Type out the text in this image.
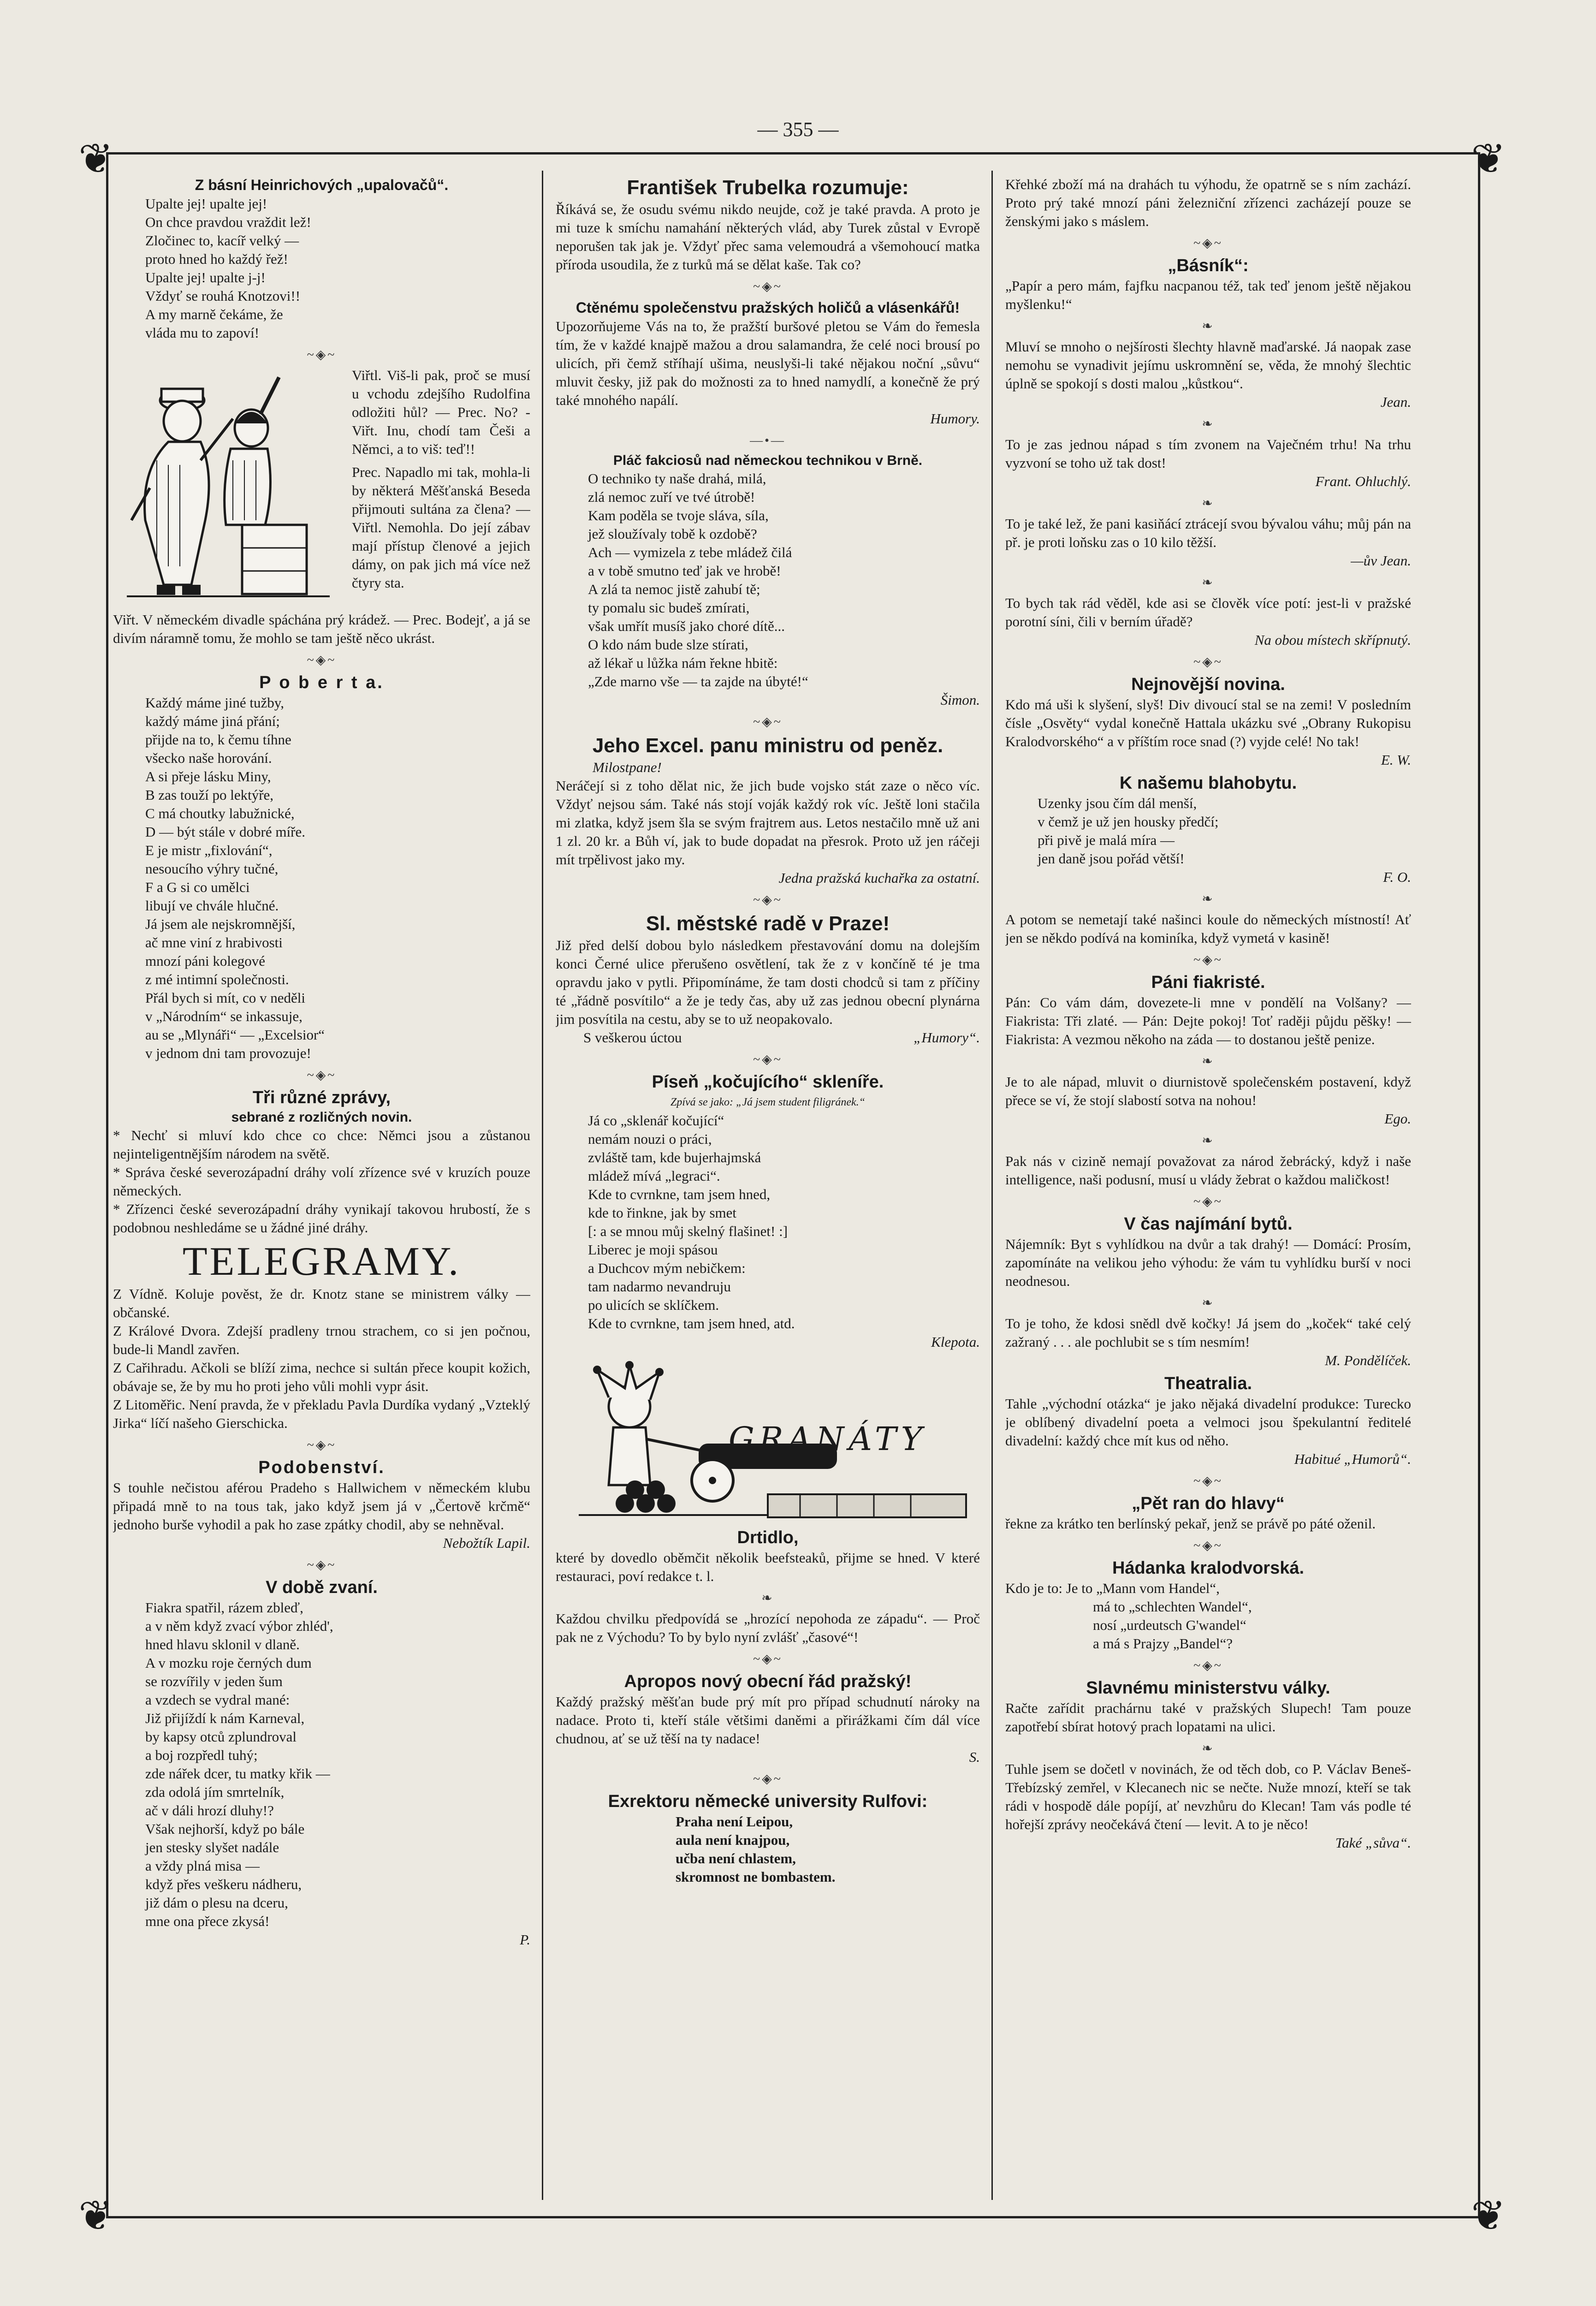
— 355 —
❦	❦
❦	❦

Z básní Heinrichových „upalovačů“.

Upalte jej! upalte jej!

On chce pravdou vraždit lež!

Zločinec to, kacíř velký —

proto hned ho každý řež!

Upalte jej! upalte j-j!

Vždyť se rouhá Knotzovi!!

A my marně čekáme, že

vláda mu to zapoví!

~◈~

Viřtl. Viš-li pak, proč se musí u vchodu zdejšího Rudolfina odložiti hůl? — Prec. No? - Viřt. Inu, chodí tam Češi a Němci, a to viš: teď!!

Prec. Napadlo mi tak, mohla-li by některá Měšťanská Beseda přijmouti sultána za člena? — Viřtl. Nemohla. Do její zábav mají přístup členové a jejich dámy, on pak jich má více než čtyry sta.

Viřt. V německém divadle spáchána prý krádež. — Prec. Bodejť, a já se divím náramně tomu, že mohlo se tam ještě něco ukrást.

~◈~

P o b e r t a.

Každý máme jiné tužby,

každý máme jiná přání;

přijde na to, k čemu tíhne

všecko naše horování.

A si přeje lásku Miny,

B zas touží po lektýře,

C má choutky labužnické,

D — být stále v dobré míře.

E je mistr „fixlování“,

nesoucího výhry tučné,

F a G si co umělci

libují ve chvále hlučné.

Já jsem ale nejskromnější,

ač mne viní z hrabivosti

mnozí páni kolegové

z mé intimní společnosti.

Přál bych si mít, co v neděli

v „Národním“ se inkassuje,

au se „Mlynáři“ — „Excelsior“

v jednom dni tam provozuje!

~◈~

Tři různé zprávy,

sebrané z rozličných novin.

* Nechť si mluví kdo chce co chce: Němci jsou a zůstanou nejinteligentnějším národem na světě.

* Správa české severozápadní dráhy volí zřízence své v kruzích pouze německých.

* Zřízenci české severozápadní dráhy vynikají takovou hrubostí, že s podobnou neshledáme se u žádné jiné dráhy.

TELEGRAMY.

Z Vídně. Koluje pověst, že dr. Knotz stane se ministrem války — občanské.

Z Králové Dvora. Zdejší pradleny trnou strachem, co si jen počnou, bude-li Mandl zavřen.

Z Cařihradu. Ačkoli se blíží zima, nechce si sultán přece koupit kožich, obávaje se, že by mu ho proti jeho vůli mohli vypr ásit.

Z Litoměřic. Není pravda, že v překladu Pavla Durdíka vydaný „Vzteklý Jirka“ líčí našeho Gierschicka.

~◈~

Podobenství.

S touhle nečistou aférou Pradeho s Hallwichem v německém klubu připadá mně to na tous tak, jako když jsem já v „Čertově krčmě“ jednoho burše vyhodil a pak ho zase zpátky chodil, aby se nehněval.

Nebožtík Lapil.

~◈~

V době zvaní.

Fiakra spatřil, rázem zbleď,

a v něm když zvací výbor zhléd',

hned hlavu sklonil v dlaně.

A v mozku roje černých dum

se rozvířily v jeden šum

a vzdech se vydral mané:

Již přijíždí k nám Karneval,

by kapsy otců zplundroval

a boj rozpředl tuhý;

zde nářek dcer, tu matky křik —

zda odolá jím smrtelník,

ač v dáli hrozí dluhy!?

Však nejhorší, když po bále

jen stesky slyšet nadále

a vždy plná misa —

když přes veškeru nádheru,

již dám o plesu na dceru,

mne ona přece zkysá!

P.

František Trubelka rozumuje:

Říkává se, že osudu svému nikdo neujde, což je také pravda. A proto je mi tuze k smíchu namahání některých vlád, aby Turek zůstal v Evropě neporušen tak jak je. Vždyť přec sama velemoudrá a všemohoucí matka příroda usoudila, že z turků má se dělat kaše. Tak co?

~◈~

Ctěnému společenstvu pražských holičů a vlásenkářů!

Upozorňujeme Vás na to, že pražští buršové pletou se Vám do řemesla tím, že v každé knajpě mažou a drou salamandra, že celé noci brousí po ulicích, při čemž stříhají ušima, neuslyši-li také nějakou noční „sůvu“ mluvit česky, již pak do možnosti za to hned namydlí, a konečně že prý také mnohého napálí.

Humory.

—•—

Pláč fakciosů nad německou technikou v Brně.

O techniko ty naše drahá, milá,

zlá nemoc zuří ve tvé útrobě!

Kam poděla se tvoje sláva, síla,

jež sloužívaly tobě k ozdobě?

Ach — vymizela z tebe mládež čilá

a v tobě smutno teď jak ve hrobě!

A zlá ta nemoc jistě zahubí tě;

ty pomalu sic budeš zmírati,

však umřít musíš jako choré dítě...

O kdo nám bude slze stírati,

až lékař u lůžka nám řekne hbitě:

„Zde marno vše — ta zajde na úbyté!“

Šimon.

~◈~

Jeho Excel. panu ministru od peněz.

Milostpane!

Neráčejí si z toho dělat nic, že jich bude vojsko stát zaze o něco víc. Vždyť nejsou sám. Také nás stojí voják každý rok víc. Ještě loni stačila mi zlatka, když jsem šla se svým frajtrem aus. Letos nestačilo mně už ani 1 zl. 20 kr. a Bůh ví, jak to bude dopadat na přesrok. Proto už jen ráčeji mít trpělivost jako my.

Jedna pražská kuchařka za ostatní.

~◈~

Sl. městské radě v Praze!

Již před delší dobou bylo následkem přestavování domu na dolejším konci Černé ulice přerušeno osvětlení, tak že z v končíně té je tma opravdu jako v pytli. Připomínáme, že tam dosti chodců si tam z příčiny té „řádně posvítilo“ a že je tedy čas, aby už zas jednou obecní plynárna jim posvítila na cestu, aby se to už neopakovalo.

S veškerou úctou	„Humory“.

~◈~

Píseň „kočujícího“ skleníře.

Zpívá se jako: „Já jsem student filigránek.“

Já co „sklenář kočující“

nemám nouzi o práci,

zvláště tam, kde bujerhajmská

mládež mívá „legraci“.

Kde to cvrnkne, tam jsem hned,

kde to řinkne, jak by smet

[: a se mnou můj skelný flašinet! :]

Liberec je moji spásou

a Duchcov mým nebičkem:

tam nadarmo nevandruju

po ulicích se sklíčkem.

Kde to cvrnkne, tam jsem hned, atd.

Klepota.

GRANÁTY

Drtidlo,

které by dovedlo oběmčit několik beefsteaků, přijme se hned. V které restauraci, poví redakce t. l.

❧

Každou chvilku předpovídá se „hrozící nepohoda ze západu“. — Proč pak ne z Východu? To by bylo nyní zvlášť „časové“!

~◈~

Apropos nový obecní řád pražský!

Každý pražský měšťan bude prý mít pro případ schudnutí nároky na nadace. Proto ti, kteří stále většimi daněmi a přirážkami čím dál více chudnou, ať se už těší na ty nadace!

S.

~◈~

Exrektoru německé university Rulfovi:

Praha není Leipou,

aula není knajpou,

učba není chlastem,

skromnost ne bombastem.

Křehké zboží má na drahách tu výhodu, že opatrně se s ním zachází. Proto prý také mnozí páni železniční zřízenci zacházejí pouze se ženskými jako s máslem.

~◈~

„Básník“:

„Papír a pero mám, fajfku nacpanou též, tak teď jenom ještě nějakou myšlenku!“

❧

Mluví se mnoho o nejšírosti šlechty hlavně maďarské. Já naopak zase nemohu se vynadivit jejímu uskromnění se, věda, že mnohý šlechtic úplně se spokojí s dosti malou „kůstkou“.

Jean.

❧

To je zas jednou nápad s tím zvonem na Vaječném trhu! Na trhu vyzvoní se toho už tak dost!

Frant. Ohluchlý.

❧

To je také lež, že pani kasiňácí ztrácejí svou bývalou váhu; můj pán na př. je proti loňsku zas o 10 kilo těžší.

—ův Jean.

❧

To bych tak rád věděl, kde asi se člověk více potí: jest-li v pražské porotní síni, čili v berním úřadě?

Na obou místech skřípnutý.

~◈~

Nejnovější novina.

Kdo má uši k slyšení, slyš! Div divoucí stal se na zemi! V posledním čísle „Osvěty“ vydal konečně Hattala ukázku své „Obrany Rukopisu Kralodvorského“ a v příštím roce snad (?) vyjde celé! No tak!

E. W.

K našemu blahobytu.

Uzenky jsou čím dál menší,

v čemž je už jen housky předčí;

při pivě je malá míra —

jen daně jsou pořád větší!

F. O.

❧

A potom se nemetají také našinci koule do německých místností! Ať jen se někdo podívá na kominíka, když vymetá v kasině!

~◈~

Páni fiakristé.

Pán: Co vám dám, dovezete-li mne v pondělí na Volšany? — Fiakrista: Tři zlaté. — Pán: Dejte pokoj! Toť raději půjdu pěšky! — Fiakrista: A vezmou někoho na záda — to dostanou ještě penize.

❧

Je to ale nápad, mluvit o diurnistově společenském postavení, když přece se ví, že stojí slabostí sotva na nohou!

Ego.

❧

Pak nás v cizině nemají považovat za národ žebrácký, když i naše intelligence, naši podusní, musí u vlády žebrat o každou maličkost!

~◈~

V čas najímání bytů.

Nájemník: Byt s vyhlídkou na dvůr a tak drahý! — Domácí: Prosím, zapomínáte na velikou jeho výhodu: že vám tu vyhlídku burší v noci neodnesou.

❧

To je toho, že kdosi snědl dvě kočky! Já jsem do „koček“ také celý zažraný . . . ale pochlubit se s tím nesmím!

M. Pondělíček.

Theatralia.

Tahle „východní otázka“ je jako nějaká divadelní produkce: Turecko je oblíbený divadelní poeta a velmoci jsou špekulantní ředitelé divadelní: každý chce mít kus od něho.

Habitué „Humorů“.

~◈~

„Pět ran do hlavy“

řekne za krátko ten berlínský pekař, jenž se právě po páté oženil.

~◈~

Hádanka kralodvorská.

Kdo je to: Je to „Mann vom Handel“,

má to „schlechten Wandel“,

nosí „urdeutsch G'wandel“

a má s Prajzy „Bandel“?

~◈~

Slavnému ministerstvu války.

Račte zařídit prachárnu také v pražských Slupech! Tam pouze zapotřebí sbírat hotový prach lopatami na ulici.

❧

Tuhle jsem se dočetl v novinách, že od těch dob, co P. Václav Beneš-Třebízský zemřel, v Klecanech nic se nečte. Nuže mnozí, kteří se tak rádi v hospodě dále popíjí, ať nevzhůru do Klecan! Tam vás podle té hořejší zprávy neočekává čtení — levit. A to je něco!

Také „sůva“.
